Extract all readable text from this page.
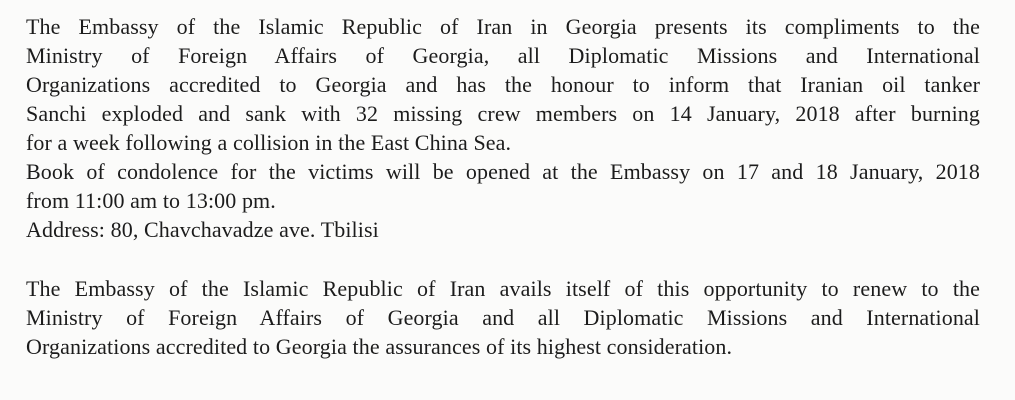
The Embassy of the Islamic Republic of Iran in Georgia presents its compliments to the
Ministry of Foreign Affairs of Georgia, all Diplomatic Missions and International
Organizations accredited to Georgia and has the honour to inform that Iranian oil tanker
Sanchi exploded and sank with 32 missing crew members on 14 January, 2018 after burning
for a week following a collision in the East China Sea.
Book of condolence for the victims will be opened at the Embassy on 17 and 18 January, 2018
from 11:00 am to 13:00 pm.
Address: 80, Chavchavadze ave. Tbilisi
The Embassy of the Islamic Republic of Iran avails itself of this opportunity to renew to the
Ministry of Foreign Affairs of Georgia and all Diplomatic Missions and International
Organizations accredited to Georgia the assurances of its highest consideration.
